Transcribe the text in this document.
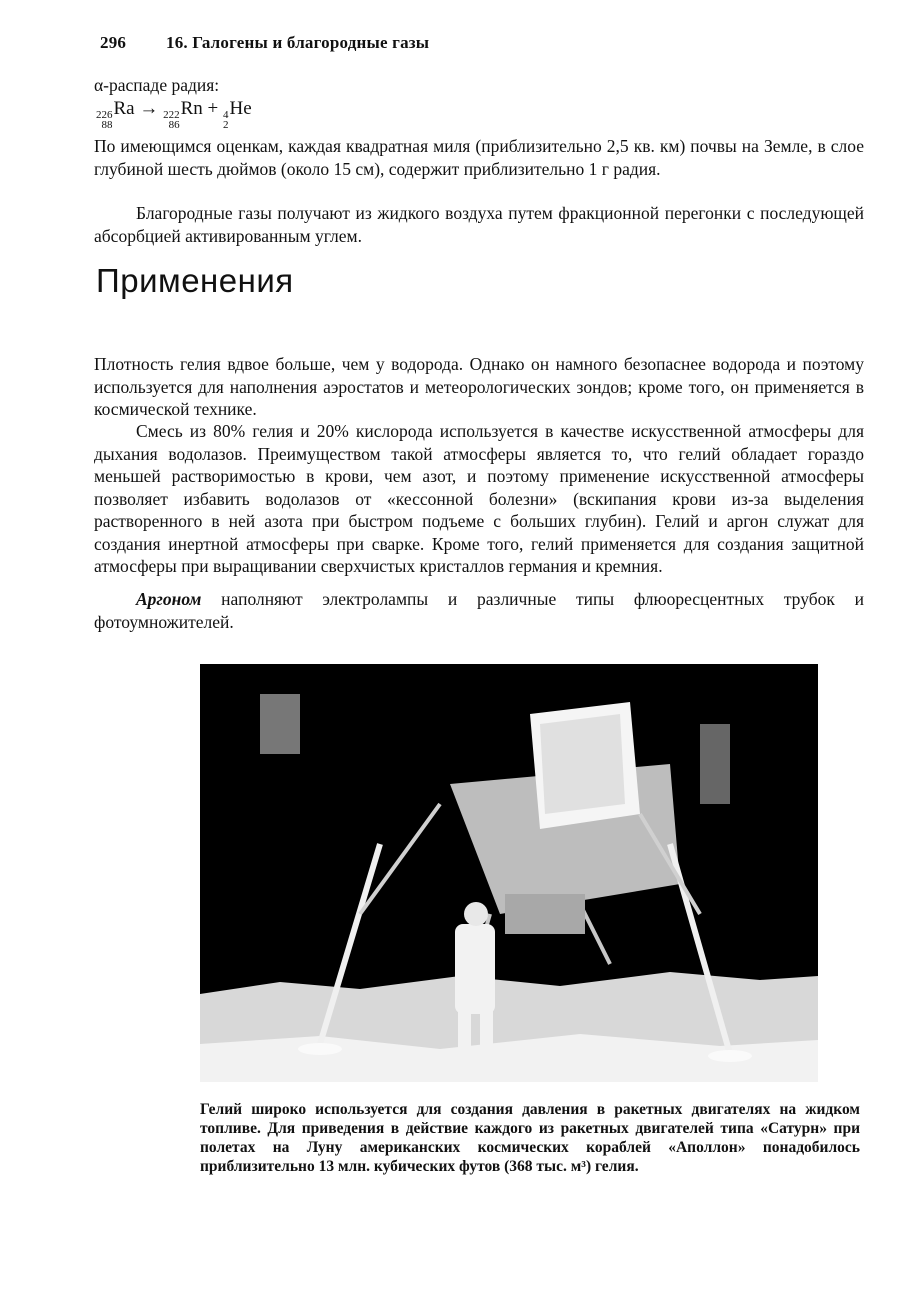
296 16. Галогены и благородные газы

α-распаде радия:

226
88
Ra → 222
86
Rn + 4
2
He

По имеющимся оценкам, каждая квадратная миля (приблизительно 2,5 кв. км) почвы на Земле, в слое глубиной шесть дюймов (около 15 см), содержит приблизительно 1 г радия.

Благородные газы получают из жидкого воздуха путем фракционной перегонки с последующей абсорбцией активированным углем.

Применения

Плотность гелия вдвое больше, чем у водорода. Однако он намного безопаснее водорода и поэтому используется для наполнения аэростатов и метеорологических зондов; кроме того, он применяется в космической технике.

Смесь из 80% гелия и 20% кислорода используется в качестве искусственной атмосферы для дыхания водолазов. Преимуществом такой атмосферы является то, что гелий обладает гораздо меньшей растворимостью в крови, чем азот, и поэтому применение искусственной атмосферы позволяет избавить водолазов от «кессонной болезни» (вскипания крови из-за выделения растворенного в ней азота при быстром подъеме с больших глубин). Гелий и аргон служат для создания инертной атмосферы при сварке. Кроме того, гелий применяется для создания защитной атмосферы при выращивании сверхчистых кристаллов германия и кремния.

Аргоном наполняют электролампы и различные типы флюоресцентных трубок и фотоумножителей.

Гелий широко используется для создания давления в ракетных двигателях на жидком топливе. Для приведения в действие каждого из ракетных двигателей типа «Сатурн» при полетах на Луну американских космических кораблей «Аполлон» понадобилось приблизительно 13 млн. кубических футов (368 тыс. м³) гелия.
